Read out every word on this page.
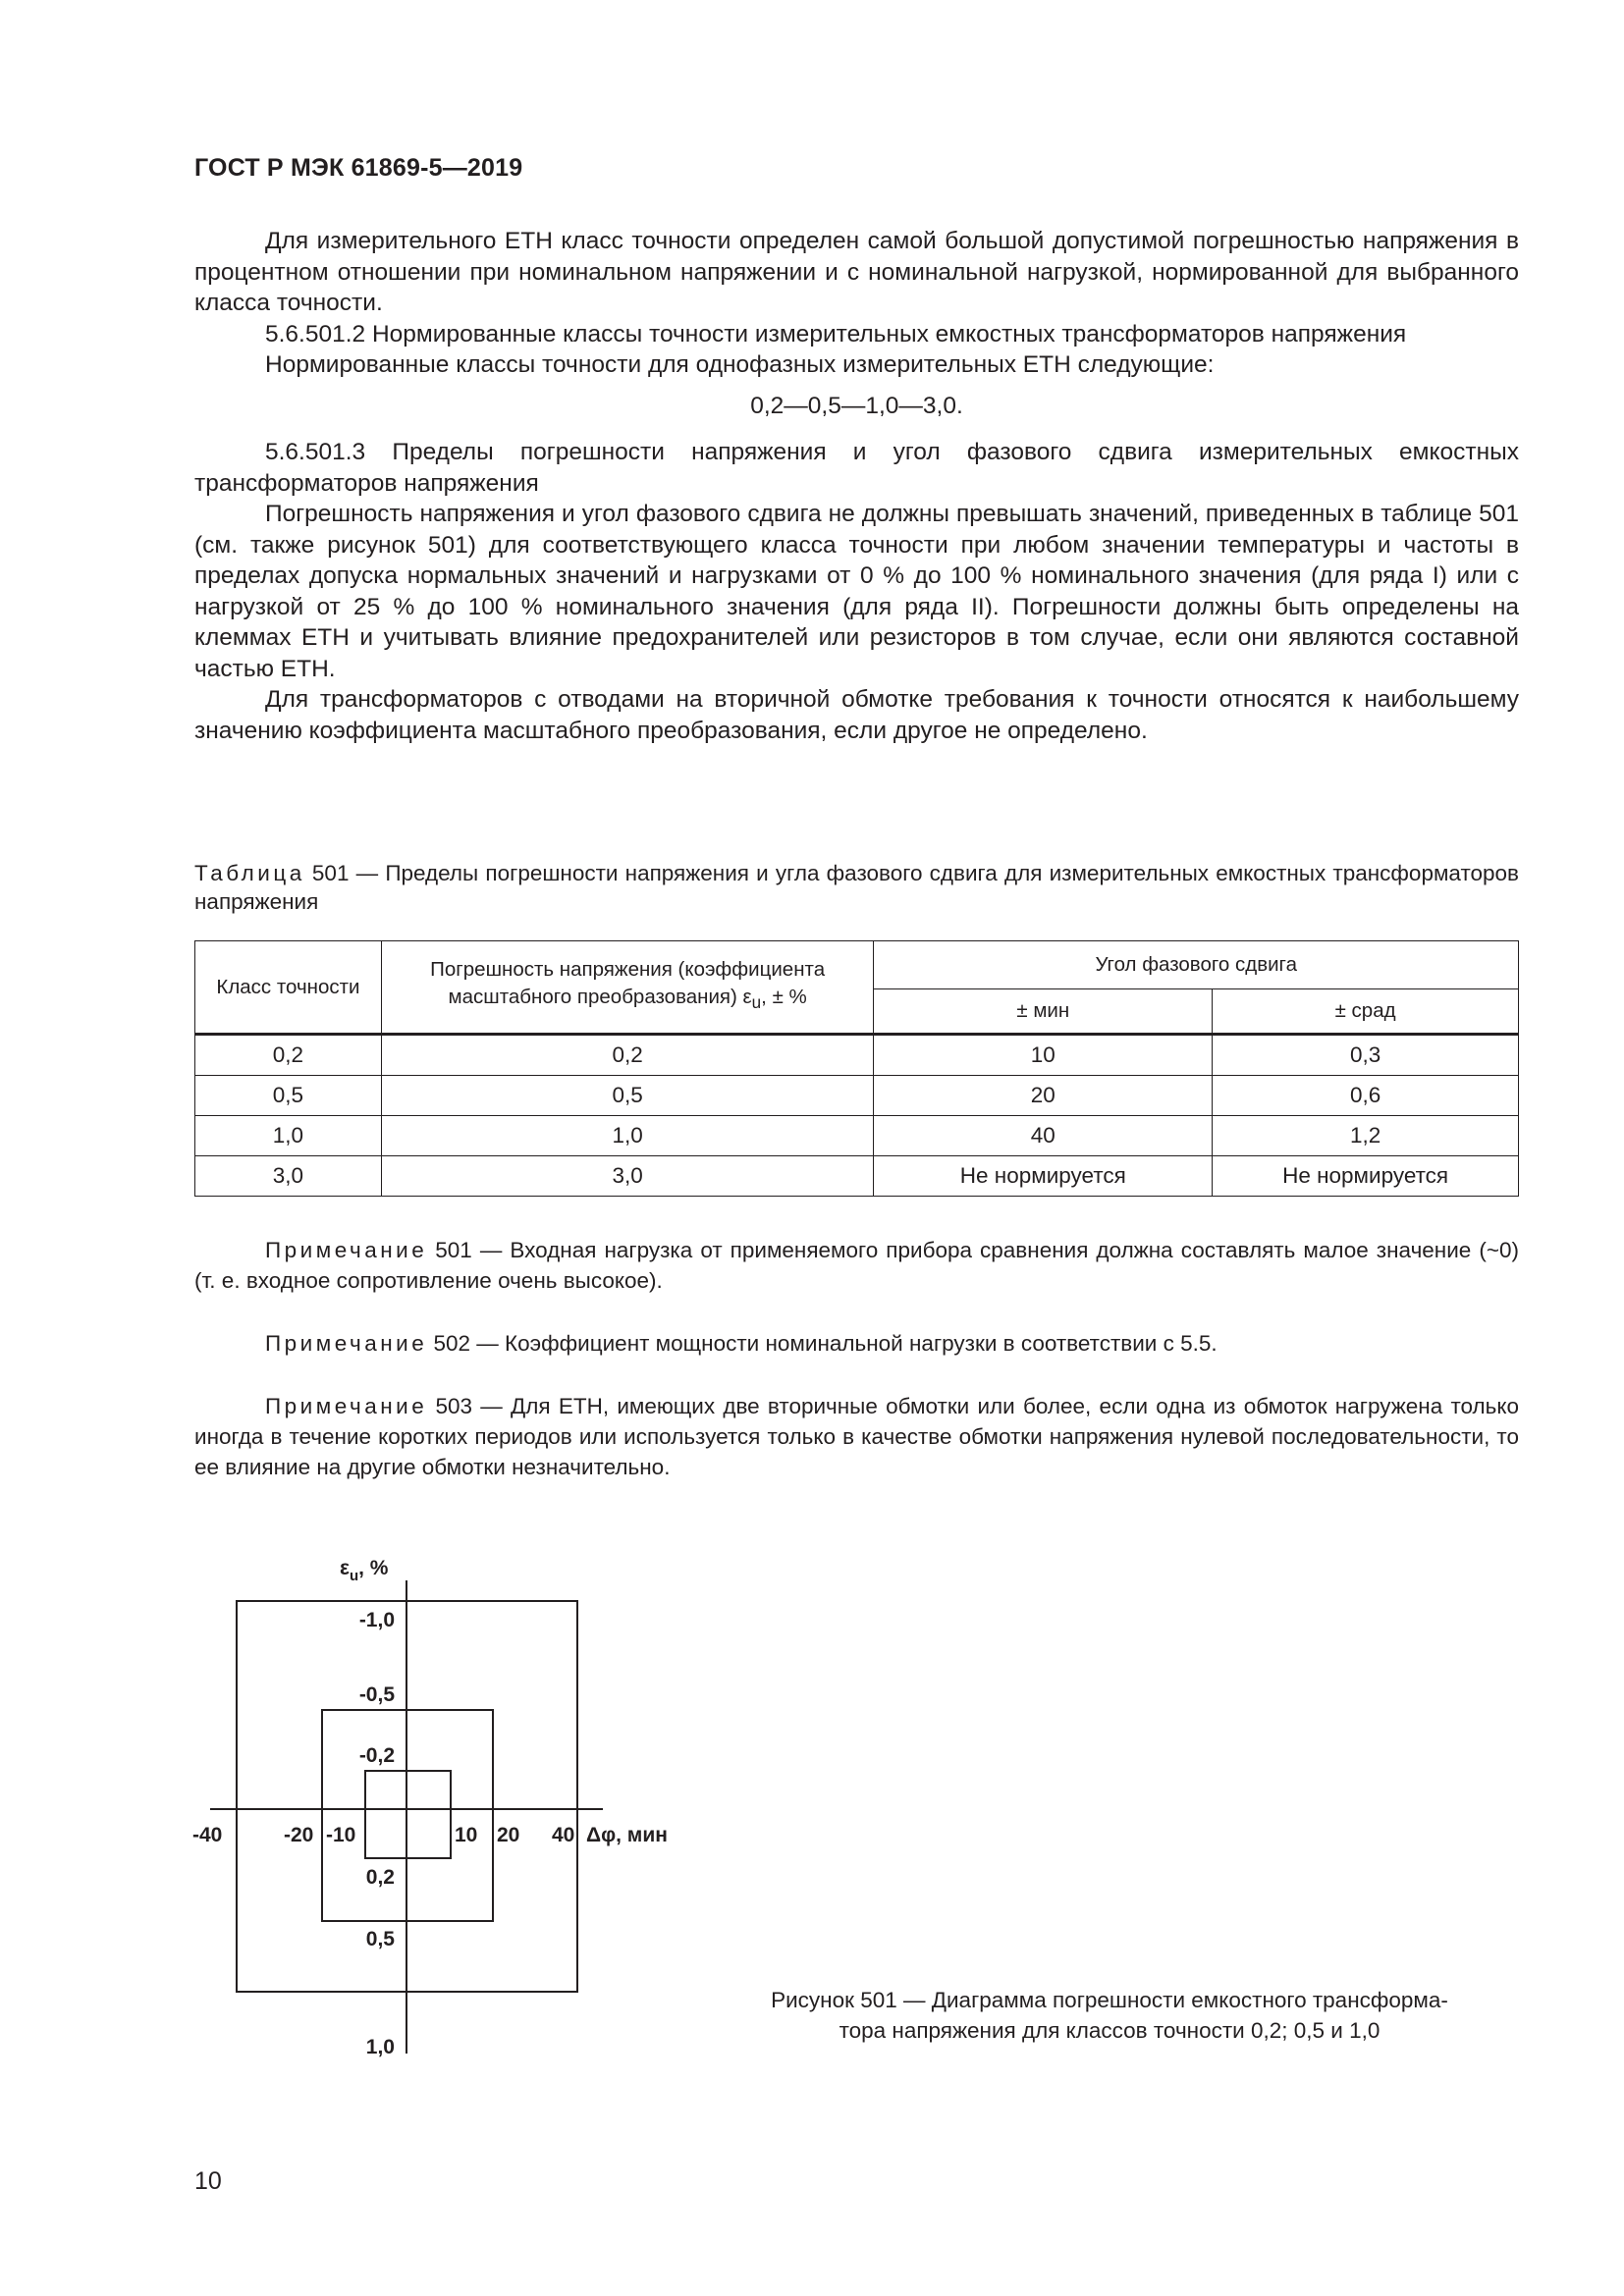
ГОСТ Р МЭК 61869-5—2019

Для измерительного ЕТН класс точности определен самой большой допустимой погрешностью напряжения в процентном отношении при номинальном напряжении и с номинальной нагрузкой, нормированной для выбранного класса точности.

5.6.501.2 Нормированные классы точности измерительных емкостных трансформаторов напряжения

Нормированные классы точности для однофазных измерительных ЕТН следующие:

0,2—0,5—1,0—3,0.

5.6.501.3 Пределы погрешности напряжения и угол фазового сдвига измерительных емкостных трансформаторов напряжения

Погрешность напряжения и угол фазового сдвига не должны превышать значений, приведенных в таблице 501 (см. также рисунок 501) для соответствующего класса точности при любом значении температуры и частоты в пределах допуска нормальных значений и нагрузками от 0 % до 100 % номинального значения (для ряда I) или с нагрузкой от 25 % до 100 % номинального значения (для ряда II). Погрешности должны быть определены на клеммах ЕТН и учитывать влияние предохранителей или резисторов в том случае, если они являются составной частью ЕТН.

Для трансформаторов с отводами на вторичной обмотке требования к точности относятся к наибольшему значению коэффициента масштабного преобразования, если другое не определено.

Таблица 501 — Пределы погрешности напряжения и угла фазового сдвига для измерительных емкостных трансформаторов напряжения
Класс точности	Погрешность напряжения (коэффициента
масштабного преобразования) $\varepsilon_u$, ± %	Угол фазового сдвига	
		± мин	± срад
0,2	0,2	10	0,3
0,5	0,5	20	0,6
1,0	1,0	40	1,2
3,0	3,0	Не нормируется	Не нормируется

Примечание 501 — Входная нагрузка от применяемого прибора сравнения должна составлять малое значение (~0) (т. е. входное сопротивление очень высокое).

Примечание 502 — Коэффициент мощности номинальной нагрузки в соответствии с 5.5.

Примечание 503 — Для ЕТН, имеющих две вторичные обмотки или более, если одна из обмоток нагружена только иногда в течение коротких периодов или используется только в качестве обмотки напряжения нулевой последовательности, то ее влияние на другие обмотки незначительно.

$\varepsilon_u$, %
-1,0
-0,5
-0,2
0,2
0,5
1,0
-40	-20 -10	10 20 40 Δφ, мин
Рисунок 501 — Диаграмма погрешности емкостного трансформа-
тора напряжения для классов точности 0,2; 0,5 и 1,0
10
